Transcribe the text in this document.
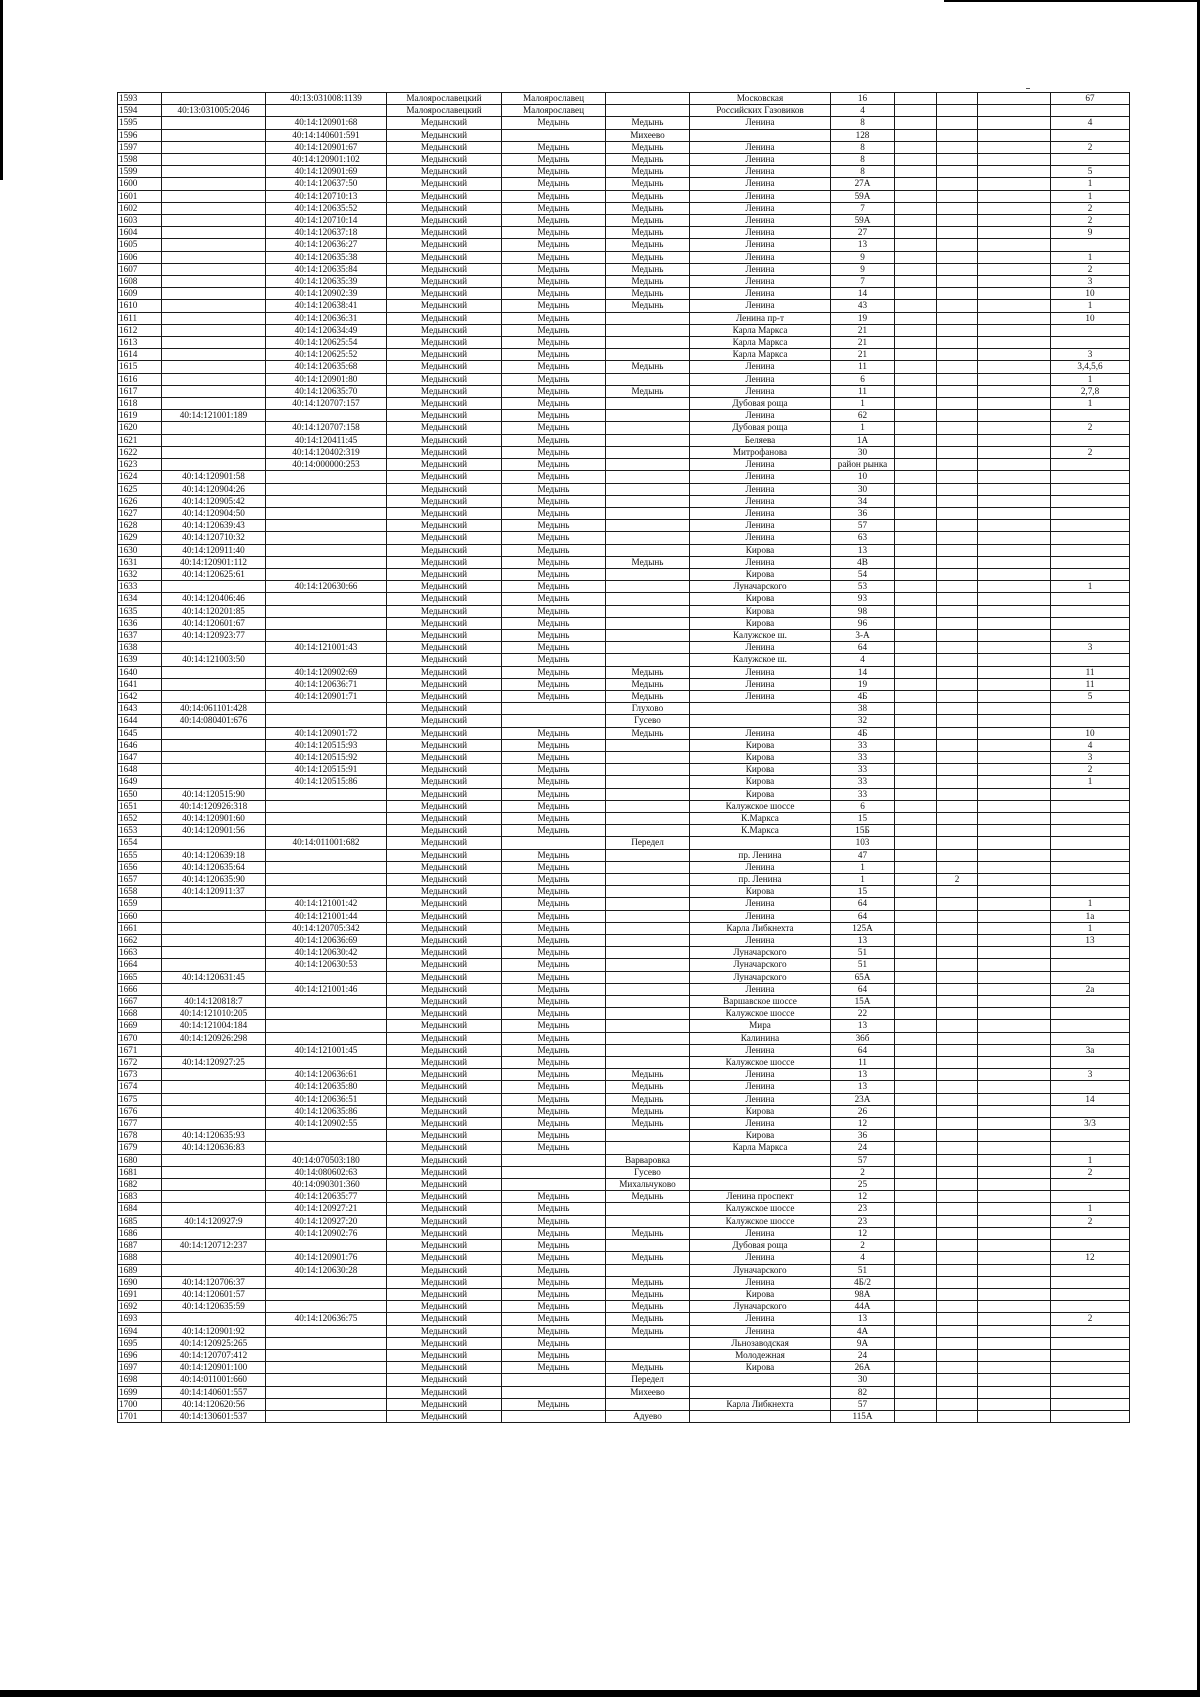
1593		40:13:031008:1139	Малоярославецкий	Малоярославец		Московская	16				67
1594	40:13:031005:2046		Малоярославецкий	Малоярославец		Российских Газовиков	4				
1595		40:14:120901:68	Медынский	Медынь	Медынь	Ленина	8				4
1596		40:14:140601:591	Медынский		Михеево		128				
1597		40:14:120901:67	Медынский	Медынь	Медынь	Ленина	8				2
1598		40:14:120901:102	Медынский	Медынь	Медынь	Ленина	8				
1599		40:14:120901:69	Медынский	Медынь	Медынь	Ленина	8				5
1600		40:14:120637:50	Медынский	Медынь	Медынь	Ленина	27А				1
1601		40:14:120710:13	Медынский	Медынь	Медынь	Ленина	59А				1
1602		40:14:120635:52	Медынский	Медынь	Медынь	Ленина	7				2
1603		40:14:120710:14	Медынский	Медынь	Медынь	Ленина	59А				2
1604		40:14:120637:18	Медынский	Медынь	Медынь	Ленина	27				9
1605		40:14:120636:27	Медынский	Медынь	Медынь	Ленина	13				
1606		40:14:120635:38	Медынский	Медынь	Медынь	Ленина	9				1
1607		40:14:120635:84	Медынский	Медынь	Медынь	Ленина	9				2
1608		40:14:120635:39	Медынский	Медынь	Медынь	Ленина	7				3
1609		40:14:120902:39	Медынский	Медынь	Медынь	Ленина	14				10
1610		40:14:120638:41	Медынский	Медынь	Медынь	Ленина	43				1
1611		40:14:120636:31	Медынский	Медынь		Ленина пр-т	19				10
1612		40:14:120634:49	Медынский	Медынь		Карла Маркса	21				
1613		40:14:120625:54	Медынский	Медынь		Карла Маркса	21				
1614		40:14:120625:52	Медынский	Медынь		Карла Маркса	21				3
1615		40:14:120635:68	Медынский	Медынь	Медынь	Ленина	11				3,4,5,6
1616		40:14:120901:80	Медынский	Медынь		Ленина	6				1
1617		40:14:120635:70	Медынский	Медынь	Медынь	Ленина	11				2,7,8
1618		40:14:120707:157	Медынский	Медынь		Дубовая роща	1				1
1619	40:14:121001:189		Медынский	Медынь		Ленина	62				
1620		40:14:120707:158	Медынский	Медынь		Дубовая роща	1				2
1621		40:14:120411:45	Медынский	Медынь		Беляева	1А				
1622		40:14:120402:319	Медынский	Медынь		Митрофанова	30				2
1623		40:14:000000:253	Медынский	Медынь		Ленина	район рынка				
1624	40:14:120901:58		Медынский	Медынь		Ленина	10				
1625	40:14:120904:26		Медынский	Медынь		Ленина	30				
1626	40:14:120905:42		Медынский	Медынь		Ленина	34				
1627	40:14:120904:50		Медынский	Медынь		Ленина	36				
1628	40:14:120639:43		Медынский	Медынь		Ленина	57				
1629	40:14:120710:32		Медынский	Медынь		Ленина	63				
1630	40:14:120911:40		Медынский	Медынь		Кирова	13				
1631	40:14:120901:112		Медынский	Медынь	Медынь	Ленина	4В				
1632	40:14:120625:61		Медынский	Медынь		Кирова	54				
1633		40:14:120630:66	Медынский	Медынь		Луначарского	53				1
1634	40:14:120406:46		Медынский	Медынь		Кирова	93				
1635	40:14:120201:85		Медынский	Медынь		Кирова	98				
1636	40:14:120601:67		Медынский	Медынь		Кирова	96				
1637	40:14:120923:77		Медынский	Медынь		Калужское ш.	3-А				
1638		40:14:121001:43	Медынский	Медынь		Ленина	64				3
1639	40:14:121003:50		Медынский	Медынь		Калужское ш.	4				
1640		40:14:120902:69	Медынский	Медынь	Медынь	Ленина	14				11
1641		40:14:120636:71	Медынский	Медынь	Медынь	Ленина	19				11
1642		40:14:120901:71	Медынский	Медынь	Медынь	Ленина	4Б				5
1643	40:14:061101:428		Медынский		Глухово		38				
1644	40:14:080401:676		Медынский		Гусево		32				
1645		40:14:120901:72	Медынский	Медынь	Медынь	Ленина	4Б				10
1646		40:14:120515:93	Медынский	Медынь		Кирова	33				4
1647		40:14:120515:92	Медынский	Медынь		Кирова	33				3
1648		40:14:120515:91	Медынский	Медынь		Кирова	33				2
1649		40:14:120515:86	Медынский	Медынь		Кирова	33				1
1650	40:14:120515:90		Медынский	Медынь		Кирова	33				
1651	40:14:120926:318		Медынский	Медынь		Калужское шоссе	6				
1652	40:14:120901:60		Медынский	Медынь		К.Маркса	15				
1653	40:14:120901:56		Медынский	Медынь		К.Маркса	15Б				
1654		40:14:011001:682	Медынский		Передел		103				
1655	40:14:120639:18		Медынский	Медынь		пр. Ленина	47				
1656	40:14:120635:64		Медынский	Медынь		Ленина	1				
1657	40:14:120635:90		Медынский	Медынь		пр. Ленина	1		2		
1658	40:14:120911:37		Медынский	Медынь		Кирова	15				
1659		40:14:121001:42	Медынский	Медынь		Ленина	64				1
1660		40:14:121001:44	Медынский	Медынь		Ленина	64				1а
1661		40:14:120705:342	Медынский	Медынь		Карла Либкнехта	125А				1
1662		40:14:120636:69	Медынский	Медынь		Ленина	13				13
1663		40:14:120630:42	Медынский	Медынь		Луначарского	51				
1664		40:14:120630:53	Медынский	Медынь		Луначарского	51				
1665	40:14:120631:45		Медынский	Медынь		Луначарского	65А				
1666		40:14:121001:46	Медынский	Медынь		Ленина	64				2а
1667	40:14:120818:7		Медынский	Медынь		Варшавское шоссе	15А				
1668	40:14:121010:205		Медынский	Медынь		Калужское шоссе	22				
1669	40:14:121004:184		Медынский	Медынь		Мира	13				
1670	40:14:120926:298		Медынский	Медынь		Калинина	36б				
1671		40:14:121001:45	Медынский	Медынь		Ленина	64				3а
1672	40:14:120927:25		Медынский	Медынь		Калужское шоссе	11				
1673		40:14:120636:61	Медынский	Медынь	Медынь	Ленина	13				3
1674		40:14:120635:80	Медынский	Медынь	Медынь	Ленина	13				
1675		40:14:120636:51	Медынский	Медынь	Медынь	Ленина	23А				14
1676		40:14:120635:86	Медынский	Медынь	Медынь	Кирова	26				
1677		40:14:120902:55	Медынский	Медынь	Медынь	Ленина	12				3/3
1678	40:14:120635:93		Медынский	Медынь		Кирова	36				
1679	40:14:120636:83		Медынский	Медынь		Карла Маркса	24				
1680		40:14:070503:180	Медынский		Варваровка		57				1
1681		40:14:080602:63	Медынский		Гусево		2				2
1682		40:14:090301:360	Медынский		Михальчуково		25				
1683		40:14:120635:77	Медынский	Медынь	Медынь	Ленина проспект	12				
1684		40:14:120927:21	Медынский	Медынь		Калужское шоссе	23				1
1685	40:14:120927:9	40:14:120927:20	Медынский	Медынь		Калужское шоссе	23				2
1686		40:14:120902:76	Медынский	Медынь	Медынь	Ленина	12				
1687	40:14:120712:237		Медынский	Медынь		Дубовая роща	2				
1688		40:14:120901:76	Медынский	Медынь	Медынь	Ленина	4				12
1689		40:14:120630:28	Медынский	Медынь		Луначарского	51				
1690	40:14:120706:37		Медынский	Медынь	Медынь	Ленина	4Б/2				
1691	40:14:120601:57		Медынский	Медынь	Медынь	Кирова	98А				
1692	40:14:120635:59		Медынский	Медынь	Медынь	Луначарского	44А				
1693		40:14:120636:75	Медынский	Медынь	Медынь	Ленина	13				2
1694	40:14:120901:92		Медынский	Медынь	Медынь	Ленина	4А				
1695	40:14:120925:265		Медынский	Медынь		Льнозаводская	9А				
1696	40:14:120707:412		Медынский	Медынь		Молодежная	24				
1697	40:14:120901:100		Медынский	Медынь	Медынь	Кирова	26А				
1698	40:14:011001:660		Медынский		Передел		30				
1699	40:14:140601:557		Медынский		Михеево		82				
1700	40:14:120620:56		Медынский	Медынь		Карла Либкнехта	57				
1701	40:14:130601:537		Медынский		Адуево		115А				
